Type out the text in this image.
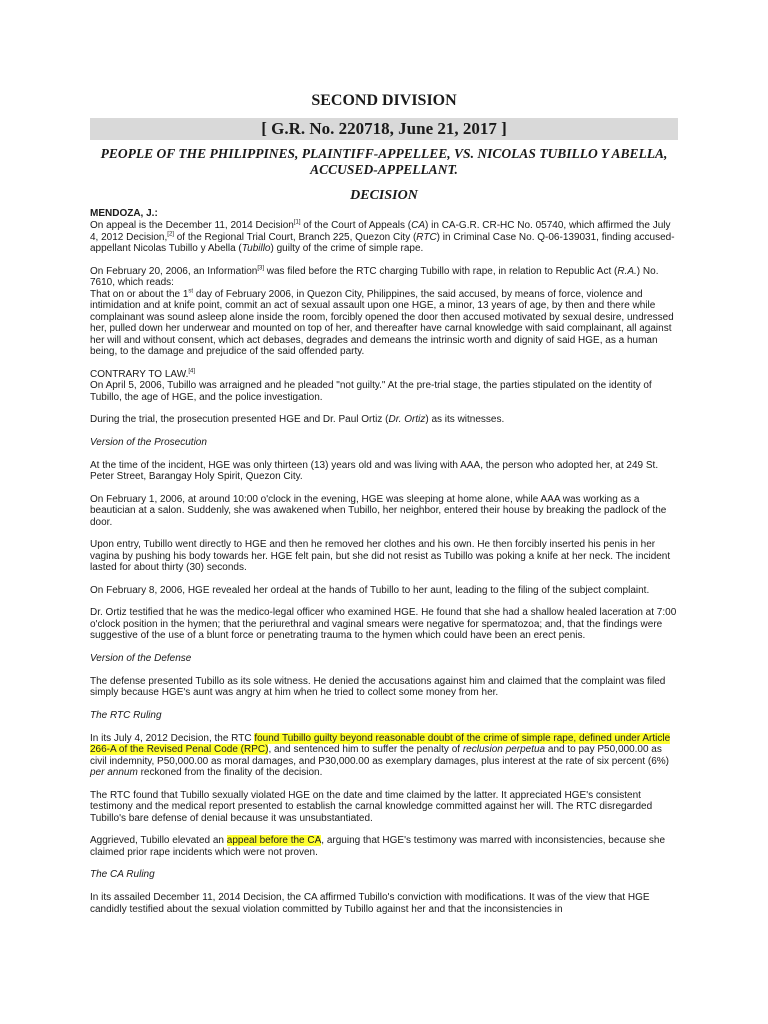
SECOND DIVISION
[ G.R. No. 220718, June 21, 2017 ]
PEOPLE OF THE PHILIPPINES, PLAINTIFF-APPELLEE, VS. NICOLAS TUBILLO Y ABELLA, ACCUSED-APPELLANT.
DECISION
MENDOZA, J.:

On appeal is the December 11, 2014 Decision[1] of the Court of Appeals (CA) in CA-G.R. CR-HC No. 05740, which affirmed the July 4, 2012 Decision,[2] of the Regional Trial Court, Branch 225, Quezon City (RTC) in Criminal Case No. Q-06-139031, finding accused-appellant Nicolas Tubillo y Abella (Tubillo) guilty of the crime of simple rape.

On February 20, 2006, an Information[3] was filed before the RTC charging Tubillo with rape, in relation to Republic Act (R.A.) No. 7610, which reads:

That on or about the 1st day of February 2006, in Quezon City, Philippines, the said accused, by means of force, violence and intimidation and at knife point, commit an act of sexual assault upon one HGE, a minor, 13 years of age, by then and there while complainant was sound asleep alone inside the room, forcibly opened the door then accused motivated by sexual desire, undressed her, pulled down her underwear and mounted on top of her, and thereafter have carnal knowledge with said complainant, all against her will and without consent, which act debases, degrades and demeans the intrinsic worth and dignity of said HGE, as a human being, to the damage and prejudice of the said offended party.

CONTRARY TO LAW.[4]

On April 5, 2006, Tubillo was arraigned and he pleaded "not guilty." At the pre-trial stage, the parties stipulated on the identity of Tubillo, the age of HGE, and the police investigation.

During the trial, the prosecution presented HGE and Dr. Paul Ortiz (Dr. Ortiz) as its witnesses.

Version of the Prosecution

At the time of the incident, HGE was only thirteen (13) years old and was living with AAA, the person who adopted her, at 249 St. Peter Street, Barangay Holy Spirit, Quezon City.

On February 1, 2006, at around 10:00 o'clock in the evening, HGE was sleeping at home alone, while AAA was working as a beautician at a salon. Suddenly, she was awakened when Tubillo, her neighbor, entered their house by breaking the padlock of the door.

Upon entry, Tubillo went directly to HGE and then he removed her clothes and his own. He then forcibly inserted his penis in her vagina by pushing his body towards her. HGE felt pain, but she did not resist as Tubillo was poking a knife at her neck. The incident lasted for about thirty (30) seconds.

On February 8, 2006, HGE revealed her ordeal at the hands of Tubillo to her aunt, leading to the filing of the subject complaint.

Dr. Ortiz testified that he was the medico-legal officer who examined HGE. He found that she had a shallow healed laceration at 7:00 o'clock position in the hymen; that the periurethral and vaginal smears were negative for spermatozoa; and, that the findings were suggestive of the use of a blunt force or penetrating trauma to the hymen which could have been an erect penis.

Version of the Defense

The defense presented Tubillo as its sole witness. He denied the accusations against him and claimed that the complaint was filed simply because HGE's aunt was angry at him when he tried to collect some money from her.

The RTC Ruling

In its July 4, 2012 Decision, the RTC found Tubillo guilty beyond reasonable doubt of the crime of simple rape, defined under Article 266-A of the Revised Penal Code (RPC), and sentenced him to suffer the penalty of reclusion perpetua and to pay P50,000.00 as civil indemnity, P50,000.00 as moral damages, and P30,000.00 as exemplary damages, plus interest at the rate of six percent (6%) per annum reckoned from the finality of the decision.

The RTC found that Tubillo sexually violated HGE on the date and time claimed by the latter. It appreciated HGE's consistent testimony and the medical report presented to establish the carnal knowledge committed against her will. The RTC disregarded Tubillo's bare defense of denial because it was unsubstantiated.

Aggrieved, Tubillo elevated an appeal before the CA, arguing that HGE's testimony was marred with inconsistencies, because she claimed prior rape incidents which were not proven.

The CA Ruling

In its assailed December 11, 2014 Decision, the CA affirmed Tubillo's conviction with modifications. It was of the view that HGE candidly testified about the sexual violation committed by Tubillo against her and that the inconsistencies in
